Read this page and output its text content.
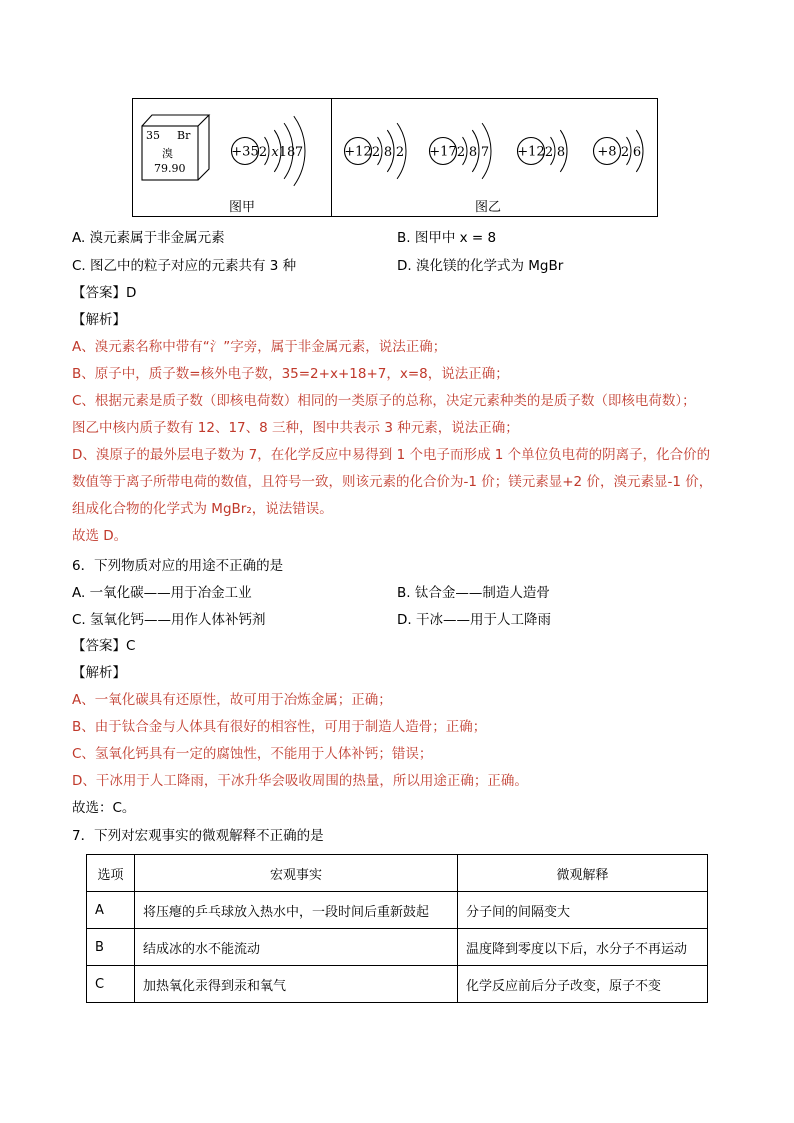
35 Br
溴
79.90
+35 2 x 18 7	+12 2 8 2 +17 2 8 7 +12 2 8 +8 2 6
图甲	图乙
A. 溴元素属于非金属元素	B. 图甲中 x = 8
C. 图乙中的粒子对应的元素共有 3 种	D. 溴化镁的化学式为 MgBr
【答案】D
【解析】
A、溴元素名称中带有“氵”字旁，属于非金属元素，说法正确；
B、原子中，质子数=核外电子数，35=2+x+18+7，x=8，说法正确；
C、根据元素是质子数（即核电荷数）相同的一类原子的总称，决定元素种类的是质子数（即核电荷数）；
图乙中核内质子数有 12、17、8 三种，图中共表示 3 种元素，说法正确；
D、溴原子的最外层电子数为 7，在化学反应中易得到 1 个电子而形成 1 个单位负电荷的阴离子，化合价的
数值等于离子所带电荷的数值，且符号一致，则该元素的化合价为-1 价；镁元素显+2 价，溴元素显-1 价，
组成化合物的化学式为 MgBr₂，说法错误。
故选 D。
6．下列物质对应的用途不正确的是
A. 一氧化碳——用于冶金工业	B. 钛合金——制造人造骨
C. 氢氧化钙——用作人体补钙剂	D. 干冰——用于人工降雨
【答案】C
【解析】
A、一氧化碳具有还原性，故可用于冶炼金属；正确；
B、由于钛合金与人体具有很好的相容性，可用于制造人造骨；正确；
C、氢氧化钙具有一定的腐蚀性，不能用于人体补钙；错误；
D、干冰用于人工降雨，干冰升华会吸收周围的热量，所以用途正确；正确。
故选：C。
7．下列对宏观事实的微观解释不正确的是
选项	宏观事实	微观解释
A	将压瘪的乒乓球放入热水中，一段时间后重新鼓起	分子间的间隔变大
B	结成冰的水不能流动	温度降到零度以下后，水分子不再运动
C	加热氧化汞得到汞和氧气	化学反应前后分子改变，原子不变
